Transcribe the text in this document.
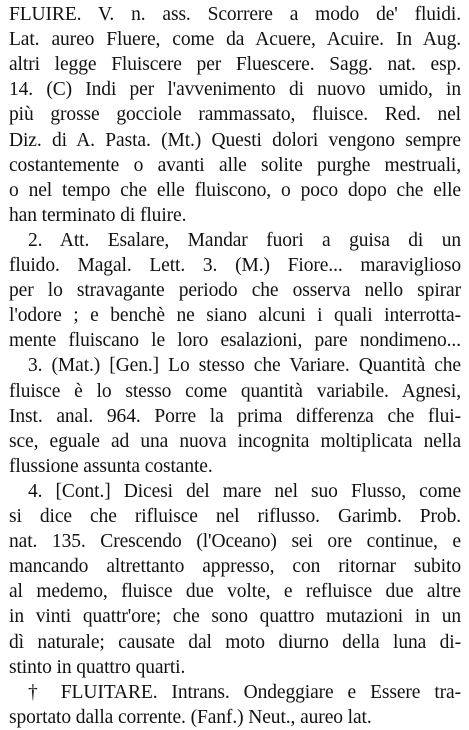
FLUIRE. V. n. ass. Scorrere a modo de' fluidi.
Lat. aureo Fluere, come da Acuere, Acuire. In Aug.
altri legge Fluiscere per Fluescere. Sagg. nat. esp.
14. (C) Indi per l'avvenimento di nuovo umido, in
più grosse gocciole rammassato, fluisce. Red. nel
Diz. di A. Pasta. (Mt.) Questi dolori vengono sempre
costantemente o avanti alle solite purghe mestruali,
o nel tempo che elle fluiscono, o poco dopo che elle
han terminato di fluire.
2. Att. Esalare, Mandar fuori a guisa di un
fluido. Magal. Lett. 3. (M.) Fiore... maraviglioso
per lo stravagante periodo che osserva nello spirar
l'odore ; e benchè ne siano alcuni i quali interrotta-
mente fluiscano le loro esalazioni, pare nondimeno...
3. (Mat.) [Gen.] Lo stesso che Variare. Quantità che
fluisce è lo stesso come quantità variabile. Agnesi,
Inst. anal. 964. Porre la prima differenza che flui-
sce, eguale ad una nuova incognita moltiplicata nella
flussione assunta costante.
4. [Cont.] Dicesi del mare nel suo Flusso, come
si dice che rifluisce nel riflusso. Garimb. Prob.
nat. 135. Crescendo (l'Oceano) sei ore continue, e
mancando altrettanto appresso, con ritornar subito
al medemo, fluisce due volte, e refluisce due altre
in vinti quattr'ore; che sono quattro mutazioni in un
dì naturale; causate dal moto diurno della luna di-
stinto in quattro quarti.
† FLUITARE. Intrans. Ondeggiare e Essere tra-
sportato dalla corrente. (Fanf.) Neut., aureo lat.
